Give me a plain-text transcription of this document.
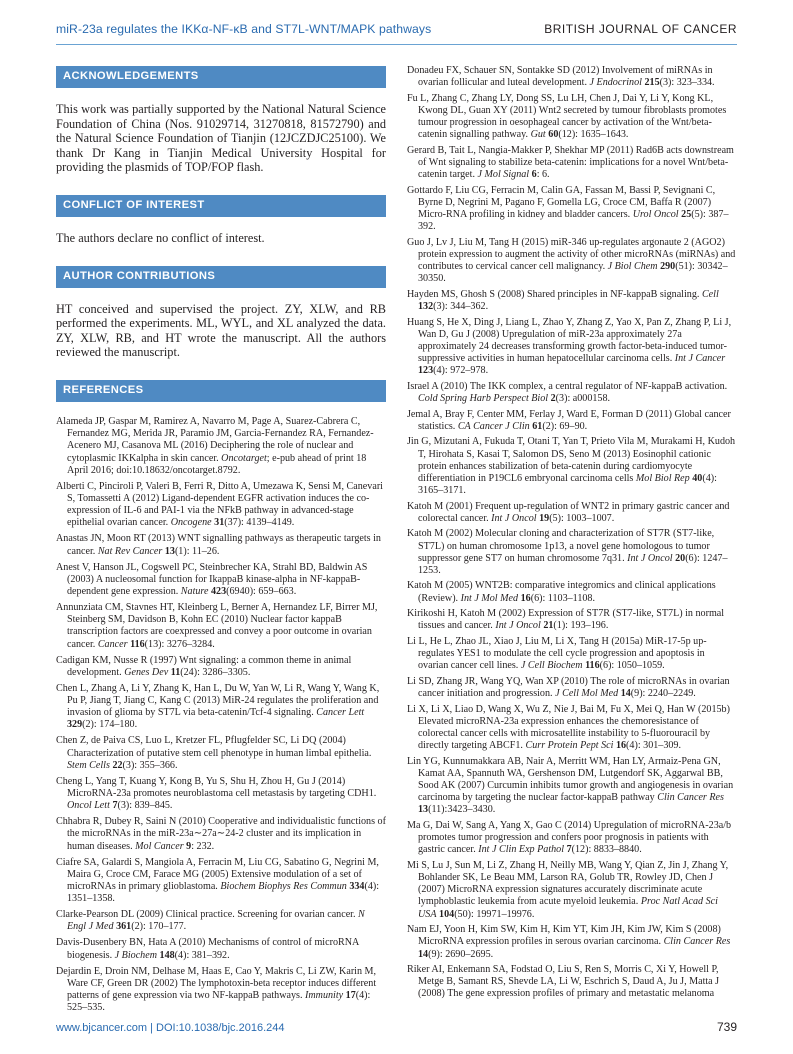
miR-23a regulates the IKKα-NF-κB and ST7L-WNT/MAPK pathways	BRITISH JOURNAL OF CANCER
ACKNOWLEDGEMENTS

This work was partially supported by the National Natural Science Foundation of China (Nos. 91029714, 31270818, 81572790) and the Natural Science Foundation of Tianjin (12JCZDJC25100). We thank Dr Kang in Tianjin Medical University Hospital for providing the plasmids of TOP/FOP flash.

CONFLICT OF INTEREST

The authors declare no conflict of interest.

AUTHOR CONTRIBUTIONS

HT conceived and supervised the project. ZY, XLW, and RB performed the experiments. ML, WYL, and XL analyzed the data. ZY, XLW, RB, and HT wrote the manuscript. All the authors reviewed the manuscript.

REFERENCES
Alameda JP, Gaspar M, Ramirez A, Navarro M, Page A, Suarez-Cabrera C, Fernandez MG, Merida JR, Paramio JM, Garcia-Fernandez RA, Fernandez-Acenero MJ, Casanova ML (2016) Deciphering the role of nuclear and cytoplasmic IKKalpha in skin cancer. Oncotarget; e-pub ahead of print 18 April 2016; doi:10.18632/oncotarget.8792.
Alberti C, Pinciroli P, Valeri B, Ferri R, Ditto A, Umezawa K, Sensi M, Canevari S, Tomassetti A (2012) Ligand-dependent EGFR activation induces the co-expression of IL-6 and PAI-1 via the NFkB pathway in advanced-stage epithelial ovarian cancer. Oncogene 31(37): 4139–4149.
Anastas JN, Moon RT (2013) WNT signalling pathways as therapeutic targets in cancer. Nat Rev Cancer 13(1): 11–26.
Anest V, Hanson JL, Cogswell PC, Steinbrecher KA, Strahl BD, Baldwin AS (2003) A nucleosomal function for IkappaB kinase-alpha in NF-kappaB-dependent gene expression. Nature 423(6940): 659–663.
Annunziata CM, Stavnes HT, Kleinberg L, Berner A, Hernandez LF, Birrer MJ, Steinberg SM, Davidson B, Kohn EC (2010) Nuclear factor kappaB transcription factors are coexpressed and convey a poor outcome in ovarian cancer. Cancer 116(13): 3276–3284.
Cadigan KM, Nusse R (1997) Wnt signaling: a common theme in animal development. Genes Dev 11(24): 3286–3305.
Chen L, Zhang A, Li Y, Zhang K, Han L, Du W, Yan W, Li R, Wang Y, Wang K, Pu P, Jiang T, Jiang C, Kang C (2013) MiR-24 regulates the proliferation and invasion of glioma by ST7L via beta-catenin/Tcf-4 signaling. Cancer Lett 329(2): 174–180.
Chen Z, de Paiva CS, Luo L, Kretzer FL, Pflugfelder SC, Li DQ (2004) Characterization of putative stem cell phenotype in human limbal epithelia. Stem Cells 22(3): 355–366.
Cheng L, Yang T, Kuang Y, Kong B, Yu S, Shu H, Zhou H, Gu J (2014) MicroRNA-23a promotes neuroblastoma cell metastasis by targeting CDH1. Oncol Lett 7(3): 839–845.
Chhabra R, Dubey R, Saini N (2010) Cooperative and individualistic functions of the microRNAs in the miR-23a∼27a∼24-2 cluster and its implication in human diseases. Mol Cancer 9: 232.
Ciafre SA, Galardi S, Mangiola A, Ferracin M, Liu CG, Sabatino G, Negrini M, Maira G, Croce CM, Farace MG (2005) Extensive modulation of a set of microRNAs in primary glioblastoma. Biochem Biophys Res Commun 334(4): 1351–1358.
Clarke-Pearson DL (2009) Clinical practice. Screening for ovarian cancer. N Engl J Med 361(2): 170–177.
Davis-Dusenbery BN, Hata A (2010) Mechanisms of control of microRNA biogenesis. J Biochem 148(4): 381–392.
Dejardin E, Droin NM, Delhase M, Haas E, Cao Y, Makris C, Li ZW, Karin M, Ware CF, Green DR (2002) The lymphotoxin-beta receptor induces different patterns of gene expression via two NF-kappaB pathways. Immunity 17(4): 525–535.
Donadeu FX, Schauer SN, Sontakke SD (2012) Involvement of miRNAs in ovarian follicular and luteal development. J Endocrinol 215(3): 323–334.
Fu L, Zhang C, Zhang LY, Dong SS, Lu LH, Chen J, Dai Y, Li Y, Kong KL, Kwong DL, Guan XY (2011) Wnt2 secreted by tumour fibroblasts promotes tumour progression in oesophageal cancer by activation of the Wnt/beta-catenin signalling pathway. Gut 60(12): 1635–1643.
Gerard B, Tait L, Nangia-Makker P, Shekhar MP (2011) Rad6B acts downstream of Wnt signaling to stabilize beta-catenin: implications for a novel Wnt/beta-catenin target. J Mol Signal 6: 6.
Gottardo F, Liu CG, Ferracin M, Calin GA, Fassan M, Bassi P, Sevignani C, Byrne D, Negrini M, Pagano F, Gomella LG, Croce CM, Baffa R (2007) Micro-RNA profiling in kidney and bladder cancers. Urol Oncol 25(5): 387–392.
Guo J, Lv J, Liu M, Tang H (2015) miR-346 up-regulates argonaute 2 (AGO2) protein expression to augment the activity of other microRNAs (miRNAs) and contributes to cervical cancer cell malignancy. J Biol Chem 290(51): 30342–30350.
Hayden MS, Ghosh S (2008) Shared principles in NF-kappaB signaling. Cell 132(3): 344–362.
Huang S, He X, Ding J, Liang L, Zhao Y, Zhang Z, Yao X, Pan Z, Zhang P, Li J, Wan D, Gu J (2008) Upregulation of miR-23a approximately 27a approximately 24 decreases transforming growth factor-beta-induced tumor-suppressive activities in human hepatocellular carcinoma cells. Int J Cancer 123(4): 972–978.
Israel A (2010) The IKK complex, a central regulator of NF-kappaB activation. Cold Spring Harb Perspect Biol 2(3): a000158.
Jemal A, Bray F, Center MM, Ferlay J, Ward E, Forman D (2011) Global cancer statistics. CA Cancer J Clin 61(2): 69–90.
Jin G, Mizutani A, Fukuda T, Otani T, Yan T, Prieto Vila M, Murakami H, Kudoh T, Hirohata S, Kasai T, Salomon DS, Seno M (2013) Eosinophil cationic protein enhances stabilization of beta-catenin during cardiomyocyte differentiation in P19CL6 embryonal carcinoma cells Mol Biol Rep 40(4): 3165–3171.
Katoh M (2001) Frequent up-regulation of WNT2 in primary gastric cancer and colorectal cancer. Int J Oncol 19(5): 1003–1007.
Katoh M (2002) Molecular cloning and characterization of ST7R (ST7-like, ST7L) on human chromosome 1p13, a novel gene homologous to tumor suppressor gene ST7 on human chromosome 7q31. Int J Oncol 20(6): 1247–1253.
Katoh M (2005) WNT2B: comparative integromics and clinical applications (Review). Int J Mol Med 16(6): 1103–1108.
Kirikoshi H, Katoh M (2002) Expression of ST7R (ST7-like, ST7L) in normal tissues and cancer. Int J Oncol 21(1): 193–196.
Li L, He L, Zhao JL, Xiao J, Liu M, Li X, Tang H (2015a) MiR-17-5p up-regulates YES1 to modulate the cell cycle progression and apoptosis in ovarian cancer cell lines. J Cell Biochem 116(6): 1050–1059.
Li SD, Zhang JR, Wang YQ, Wan XP (2010) The role of microRNAs in ovarian cancer initiation and progression. J Cell Mol Med 14(9): 2240–2249.
Li X, Li X, Liao D, Wang X, Wu Z, Nie J, Bai M, Fu X, Mei Q, Han W (2015b) Elevated microRNA-23a expression enhances the chemoresistance of colorectal cancer cells with microsatellite instability to 5-fluorouracil by directly targeting ABCF1. Curr Protein Pept Sci 16(4): 301–309.
Lin YG, Kunnumakkara AB, Nair A, Merritt WM, Han LY, Armaiz-Pena GN, Kamat AA, Spannuth WA, Gershenson DM, Lutgendorf SK, Aggarwal BB, Sood AK (2007) Curcumin inhibits tumor growth and angiogenesis in ovarian carcinoma by targeting the nuclear factor-kappaB pathway Clin Cancer Res 13(11):3423–3430.
Ma G, Dai W, Sang A, Yang X, Gao C (2014) Upregulation of microRNA-23a/b promotes tumor progression and confers poor prognosis in patients with gastric cancer. Int J Clin Exp Pathol 7(12): 8833–8840.
Mi S, Lu J, Sun M, Li Z, Zhang H, Neilly MB, Wang Y, Qian Z, Jin J, Zhang Y, Bohlander SK, Le Beau MM, Larson RA, Golub TR, Rowley JD, Chen J (2007) MicroRNA expression signatures accurately discriminate acute lymphoblastic leukemia from acute myeloid leukemia. Proc Natl Acad Sci USA 104(50): 19971–19976.
Nam EJ, Yoon H, Kim SW, Kim H, Kim YT, Kim JH, Kim JW, Kim S (2008) MicroRNA expression profiles in serous ovarian carcinoma. Clin Cancer Res 14(9): 2690–2695.
Riker AI, Enkemann SA, Fodstad O, Liu S, Ren S, Morris C, Xi Y, Howell P, Metge B, Samant RS, Shevde LA, Li W, Eschrich S, Daud A, Ju J, Matta J (2008) The gene expression profiles of primary and metastatic melanoma
www.bjcancer.com | DOI:10.1038/bjc.2016.244	739
